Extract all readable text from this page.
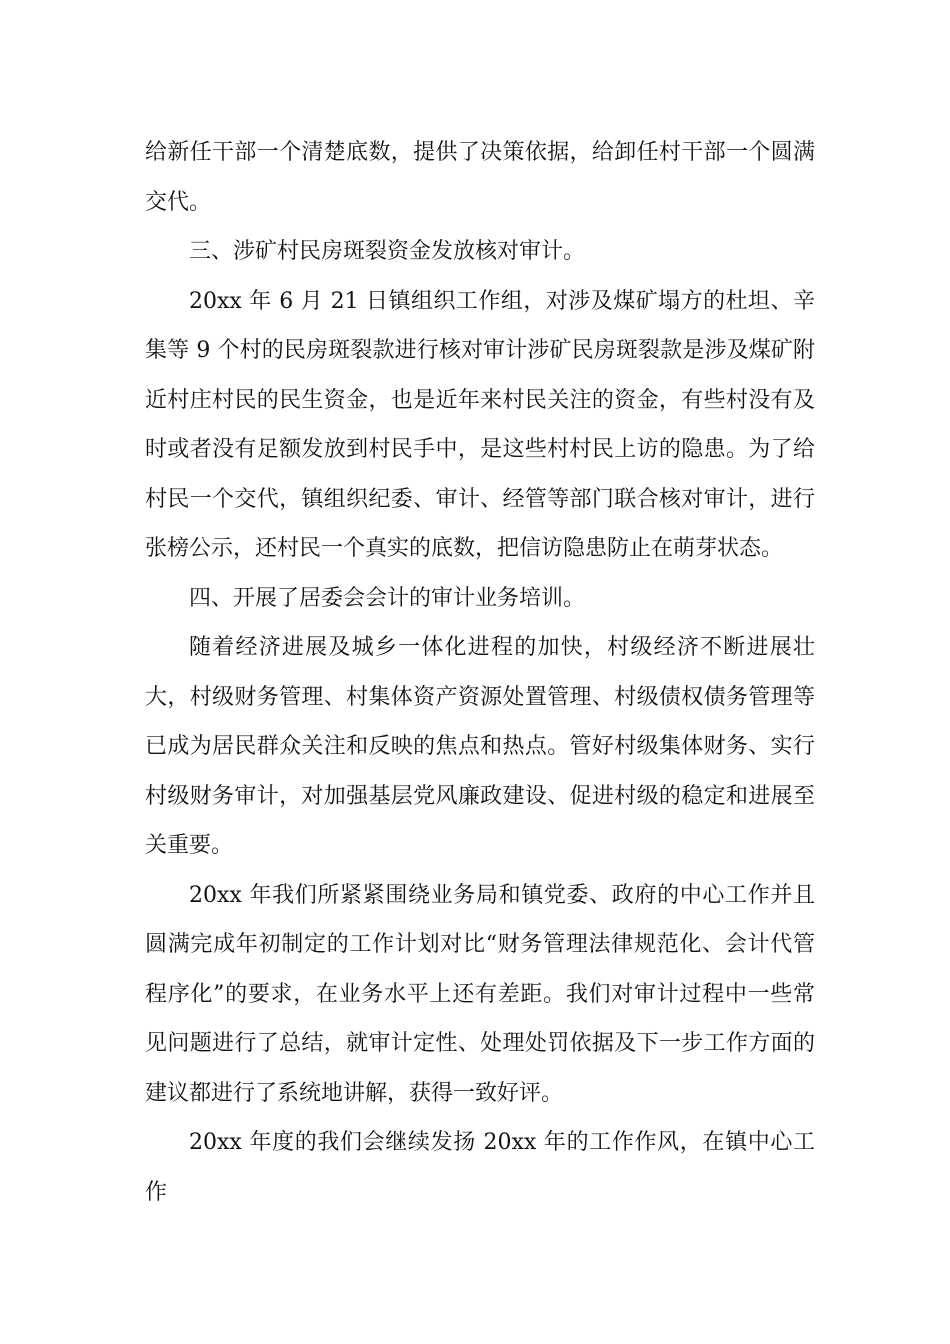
给新任干部一个清楚底数，提供了决策依据，给卸任村干部一个圆满交代。

三、涉矿村民房斑裂资金发放核对审计。

20xx 年 6 月 21 日镇组织工作组，对涉及煤矿塌方的杜坦、辛集等 9 个村的民房斑裂款进行核对审计涉矿民房斑裂款是涉及煤矿附近村庄村民的民生资金，也是近年来村民关注的资金，有些村没有及时或者没有足额发放到村民手中，是这些村村民上访的隐患。为了给村民一个交代，镇组织纪委、审计、经管等部门联合核对审计，进行张榜公示，还村民一个真实的底数，把信访隐患防止在萌芽状态。

四、开展了居委会会计的审计业务培训。

随着经济进展及城乡一体化进程的加快，村级经济不断进展壮大，村级财务管理、村集体资产资源处置管理、村级债权债务管理等已成为居民群众关注和反映的焦点和热点。管好村级集体财务、实行村级财务审计，对加强基层党风廉政建设、促进村级的稳定和进展至关重要。

20xx 年我们所紧紧围绕业务局和镇党委、政府的中心工作并且圆满完成年初制定的工作计划对比“财务管理法律规范化、会计代管程序化”的要求，在业务水平上还有差距。我们对审计过程中一些常见问题进行了总结，就审计定性、处理处罚依据及下一步工作方面的建议都进行了系统地讲解，获得一致好评。

20xx 年度的我们会继续发扬 20xx 年的工作作风，在镇中心工作
